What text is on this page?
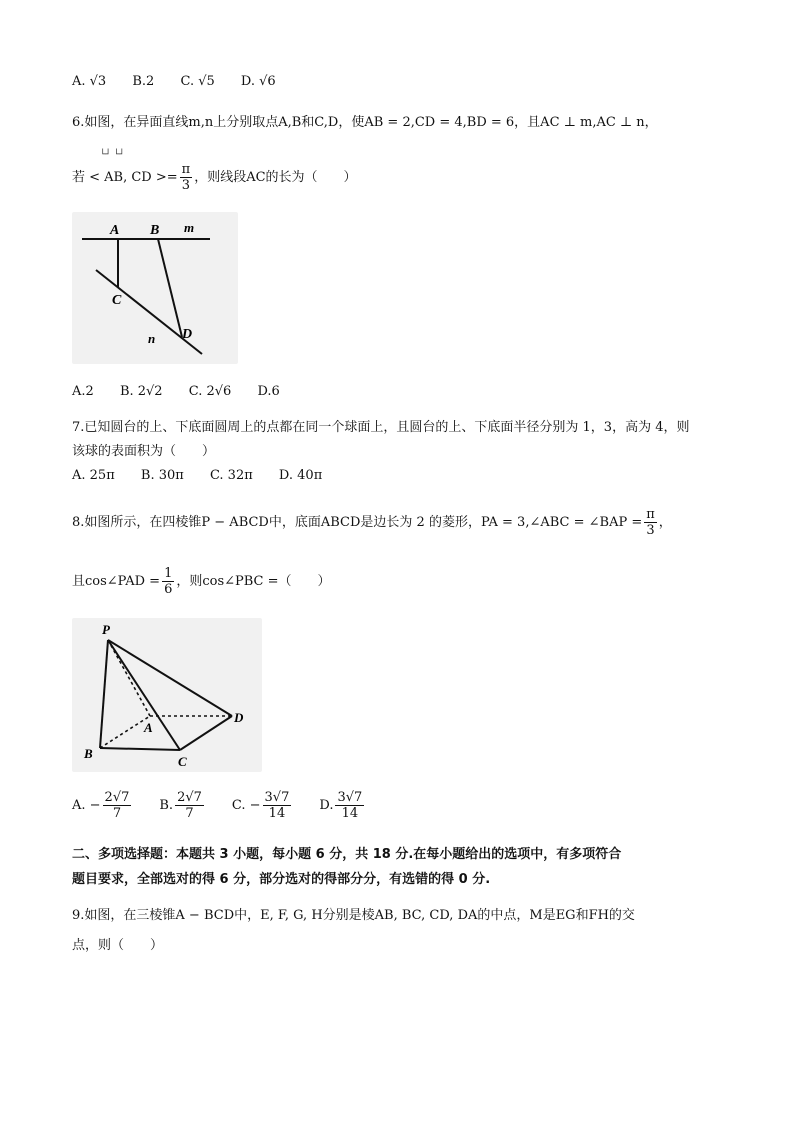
A. √3 B.2 C. √5 D. √6
6.如图，在异面直线m,n上分别取点A,B和C,D，使AB = 2,CD = 4,BD = 6，且AC ⊥ m,AC ⊥ n，
若 < AB, CD >= $\frac{\pi}{3}$ ，则线段AC的长为（　　）
└┘ └┘
A B m
C
D
n
A.2 B. 2√2 C. 2√6 D.6
7.已知圆台的上、下底面圆周上的点都在同一个球面上，且圆台的上、下底面半径分别为 1，3，高为 4，则
该球的表面积为（　　）
A. 25π B. 30π C. 32π D. 40π
8.如图所示，在四棱锥P − ABCD中，底面ABCD是边长为 2 的菱形，PA = 3,∠ABC = ∠BAP = $\frac{\pi}{3}$ ，
且cos∠PAD = $\frac{1}{6}$ ，则cos∠PBC =（　　）
P
A
B
C
D
A. − $\frac{2√7}{7} B$. $\frac{2√7}{7} C$. − $\frac{3√7}{14} D$. $\frac{3√7}{14}$
二、多项选择题：本题共 3 小题，每小题 6 分，共 18 分.在每小题给出的选项中，有多项符合
题目要求，全部选对的得 6 分，部分选对的得部分分，有选错的得 0 分.
9.如图，在三棱锥A − BCD中，E, F, G, H分别是棱AB, BC, CD, DA的中点，M是EG和FH的交
点，则（　　）
